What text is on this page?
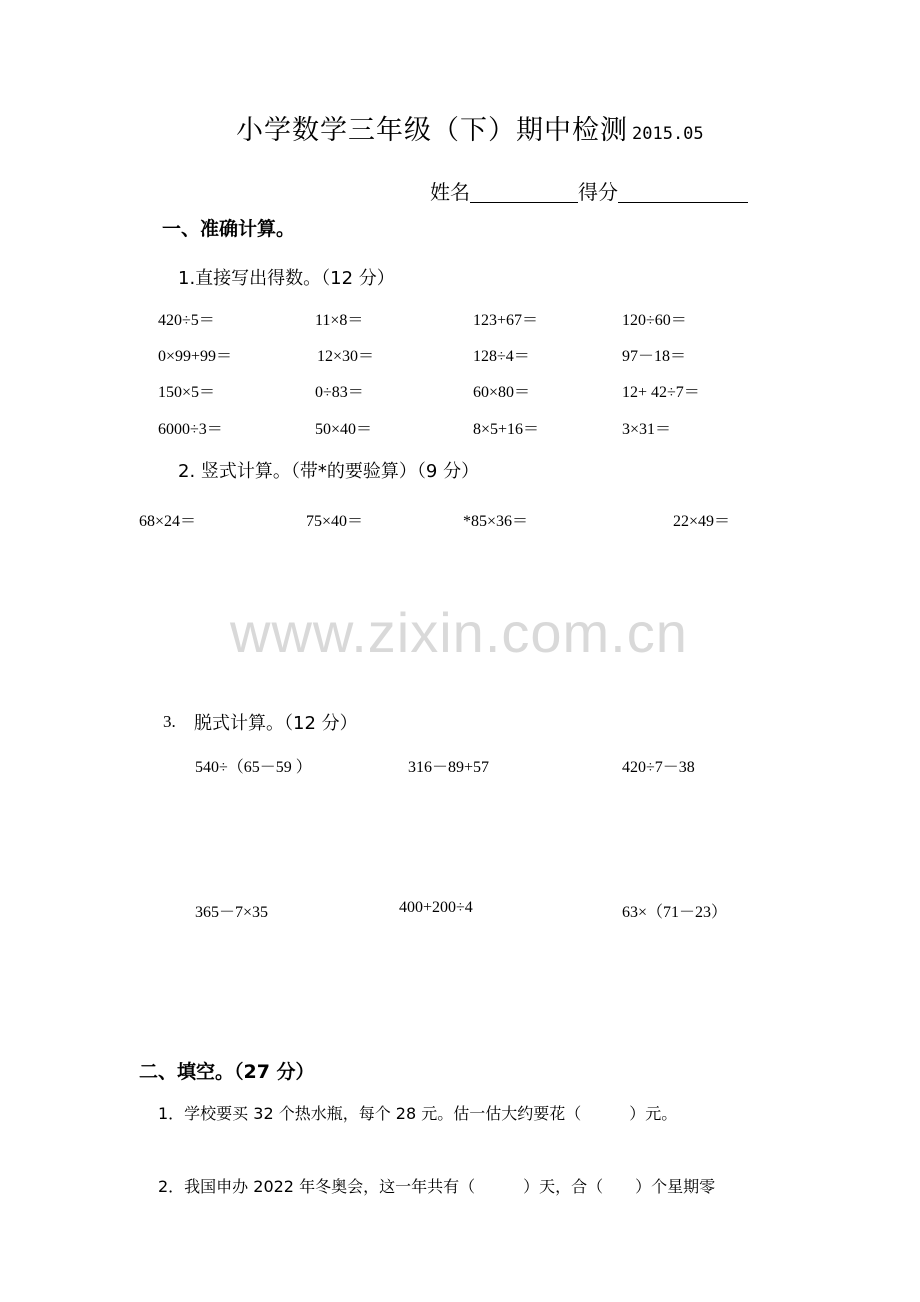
小学数学三年级（下）期中检测 2015.05
姓名	得分
一、准确计算。
1.直接写出得数。（12 分）
420÷5＝	11×8＝	123+67＝	120÷60＝
0×99+99＝	12×30＝	128÷4＝	97－18＝
150×5＝	0÷83＝	60×80＝	12+ 42÷7＝
6000÷3＝	50×40＝	8×5+16＝	3×31＝
2. 竖式计算。（带*的要验算）（9 分）
68×24＝	75×40＝	*85×36＝	22×49＝
www.zixin.com.cn
3. 脱式计算。（12 分）
540÷（65－59 ）	316－89+57	420÷7－38
365－7×35	400+200÷4	63×（71－23）
二、填空。（27 分）
1．学校要买 32 个热水瓶，每个 28 元。估一估大约要花（　　　）元。
2．我国申办 2022 年冬奥会，这一年共有（　　　）天，合（　　）个星期零
